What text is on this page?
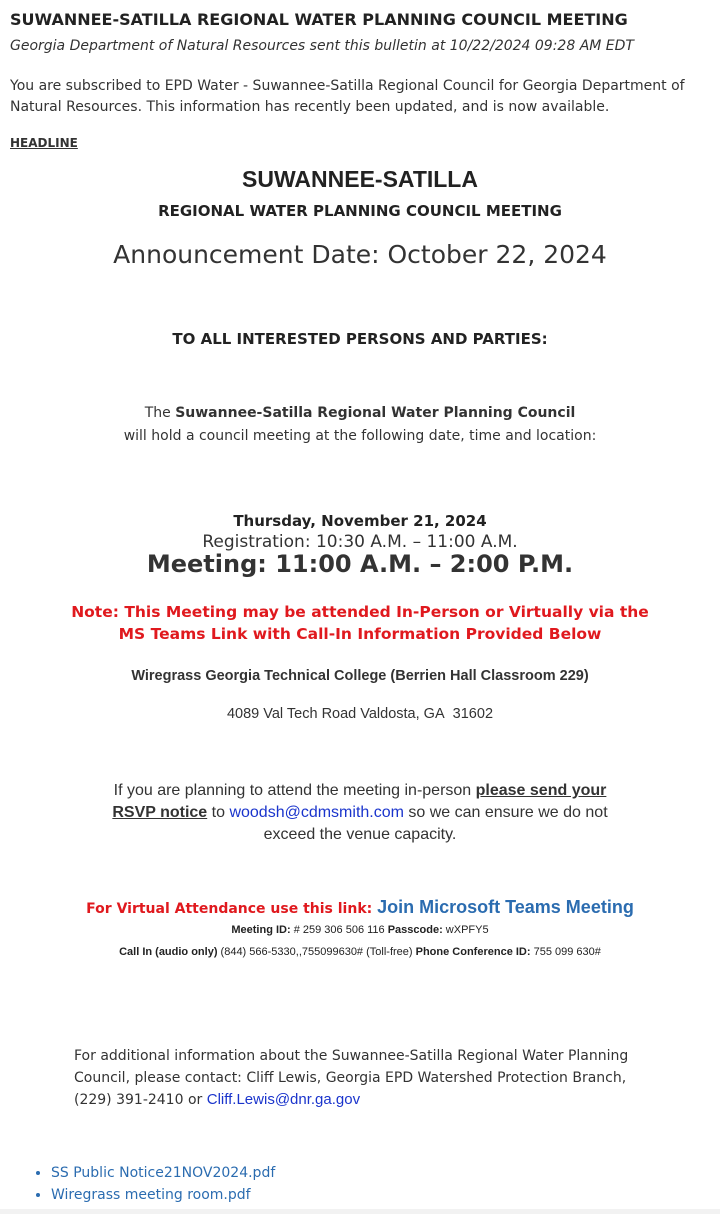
SUWANNEE-SATILLA REGIONAL WATER PLANNING COUNCIL MEETING
Georgia Department of Natural Resources sent this bulletin at 10/22/2024 09:28 AM EDT
You are subscribed to EPD Water - Suwannee-Satilla Regional Council for Georgia Department of Natural Resources. This information has recently been updated, and is now available.
HEADLINE
SUWANNEE-SATILLA
REGIONAL WATER PLANNING COUNCIL MEETING
Announcement Date: October 22, 2024
TO ALL INTERESTED PERSONS AND PARTIES:
The Suwannee-Satilla Regional Water Planning Council
will hold a council meeting at the following date, time and location:
Thursday, November 21, 2024
Registration: 10:30 A.M. – 11:00 A.M.
Meeting: 11:00 A.M. – 2:00 P.M.
Note: This Meeting may be attended In-Person or Virtually via the
MS Teams Link with Call-In Information Provided Below
Wiregrass Georgia Technical College (Berrien Hall Classroom 229)
4089 Val Tech Road Valdosta, GA  31602
If you are planning to attend the meeting in-person please send your RSVP notice to woodsh@cdmsmith.com so we can ensure we do not exceed the venue capacity.
For Virtual Attendance use this link: Join Microsoft Teams Meeting
Meeting ID: # 259 306 506 116 Passcode: wXPFY5
Call In (audio only) (844) 566-5330,,755099630# (Toll-free) Phone Conference ID: 755 099 630#
For additional information about the Suwannee-Satilla Regional Water Planning Council, please contact: Cliff Lewis, Georgia EPD Watershed Protection Branch, (229) 391-2410 or Cliff.Lewis@dnr.ga.gov
• SS Public Notice21NOV2024.pdf
• Wiregrass meeting room.pdf
